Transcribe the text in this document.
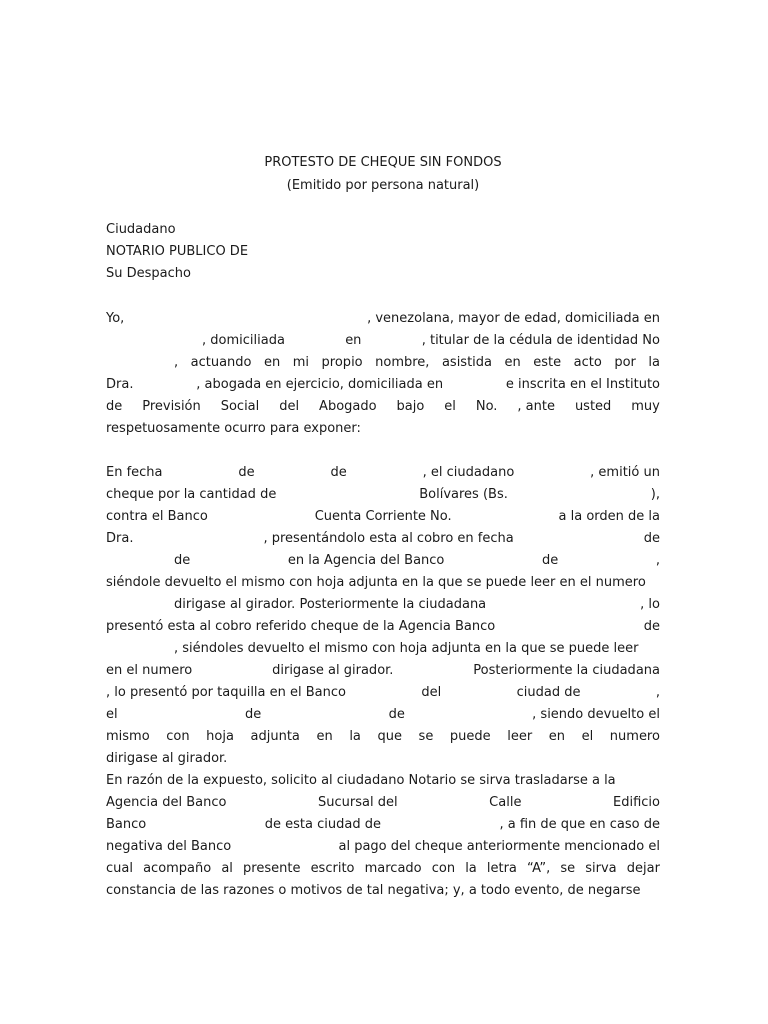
PROTESTO DE CHEQUE SIN FONDOS
(Emitido por persona natural)
Ciudadano
NOTARIO PUBLICO DE
Su Despacho
Yo,	, venezolana, mayor de edad, domiciliada en
, domiciliada	en	, titular de la cédula de identidad No
, actuando en mi propio nombre, asistida en este acto por la
Dra.	, abogada en ejercicio, domiciliada en	e inscrita en el Instituto
de Previsión Social del Abogado bajo el No. , ante usted muy
respetuosamente ocurro para exponer:
En fecha	de	de	, el ciudadano	, emitió un
cheque por la cantidad de	Bolívares (Bs.	),
contra el Banco	Cuenta Corriente No.	a la orden de la
Dra.	, presentándolo esta al cobro en fecha	de
de	en la Agencia del Banco	de	,
siéndole devuelto el mismo con hoja adjunta en la que se puede leer en el numero
dirigase al girador. Posteriormente la ciudadana	, lo
presentó esta al cobro referido cheque de la Agencia Banco	de
, siéndoles devuelto el mismo con hoja adjunta en la que se puede leer
en el numero	dirigase al girador.	Posteriormente la ciudadana
, lo presentó por taquilla en el Banco	del	ciudad de	,
el	de	de	, siendo devuelto el
mismo con hoja adjunta en la que se puede leer en el numero
dirigase al girador.
En razón de la expuesto, solicito al ciudadano Notario se sirva trasladarse a la
Agencia del Banco	Sucursal del	Calle	Edificio
Banco	de esta ciudad de	, a fin de que en caso de
negativa del Banco	al pago del cheque anteriormente mencionado el
cual acompaño al presente escrito marcado con la letra “A”, se sirva dejar
constancia de las razones o motivos de tal negativa; y, a todo evento, de negarse
